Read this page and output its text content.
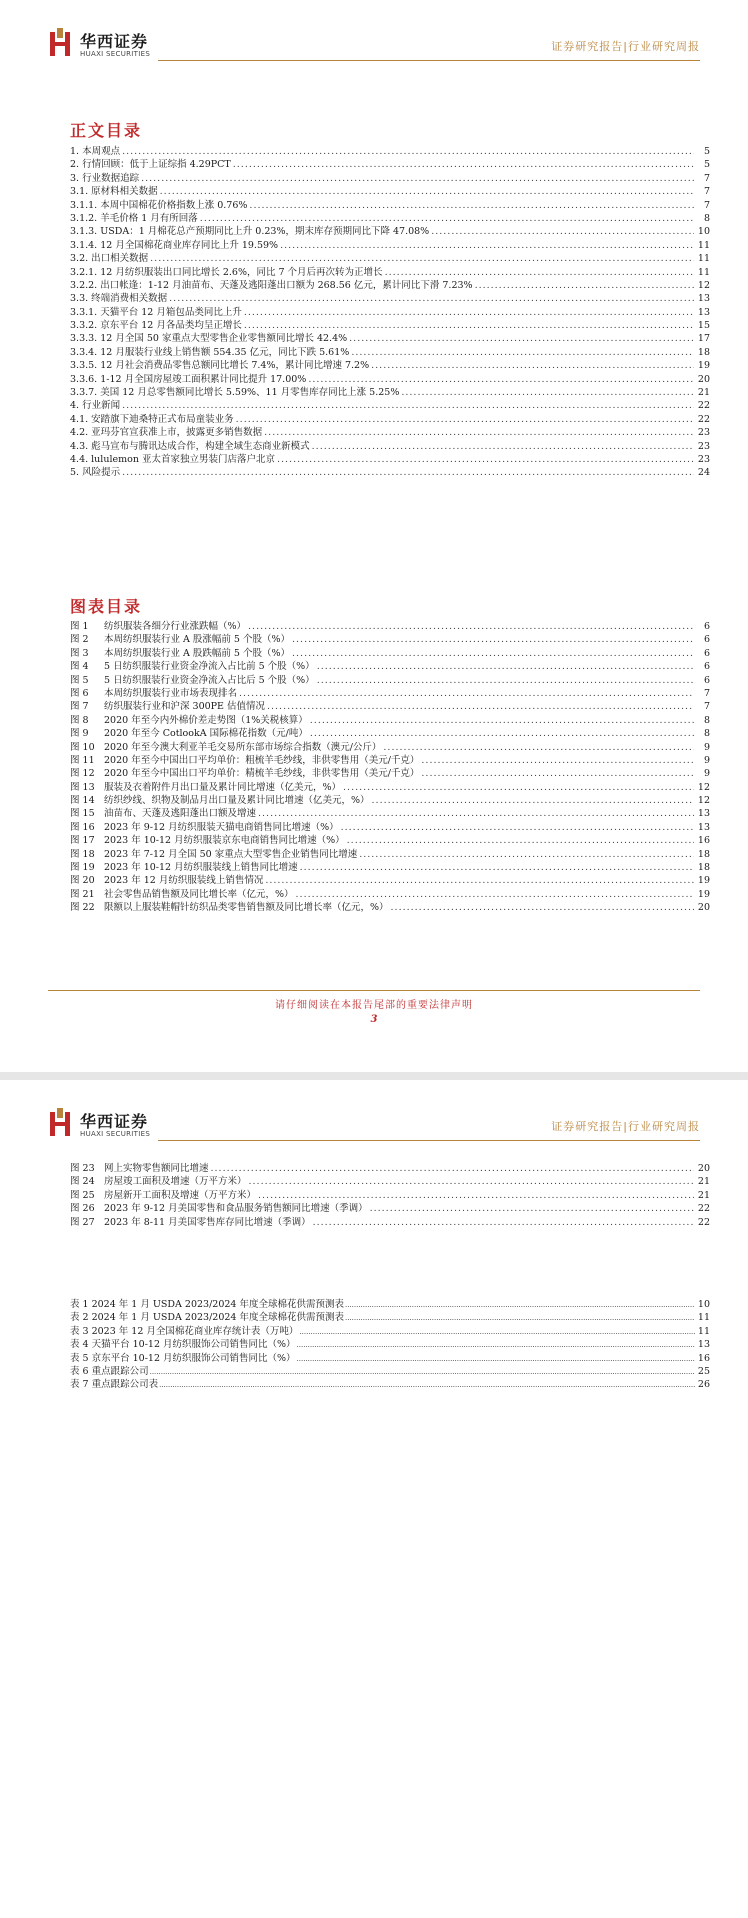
华西证券
HUAXI SECURITIES
证券研究报告|行业研究周报
正文目录
1. 本周观点 .....	5
2. 行情回顾：低于上证综指 4.29PCT .....	5
3. 行业数据追踪 .....	7
3.1. 原材料相关数据 .....	7
3.1.1. 本周中国棉花价格指数上涨 0.76% .....	7
3.1.2. 羊毛价格 1 月有所回落 .....	8
3.1.3. USDA：1 月棉花总产预期同比上升 0.23%，期末库存预期同比下降 47.08% .....	10
3.1.4. 12 月全国棉花商业库存同比上升 19.59% .....	11
3.2. 出口相关数据 .....	11
3.2.1. 12 月纺织服装出口同比增长 2.6%，同比 7 个月后再次转为正增长 .....	11
3.2.2. 出口帐逢：1-12 月油苗布、天蓬及逃阳蓬出口额为 268.56 亿元，累计同比下滑 7.23% .....	12
3.3. 终端消费相关数据 .....	13
3.3.1. 天猫平台 12 月箱包品类同比上升 .....	13
3.3.2. 京东平台 12 月各品类均呈正增长 .....	15
3.3.3. 12 月全国 50 家重点大型零售企业零售额同比增长 42.4% .....	17
3.3.4. 12 月服装行业线上销售额 554.35 亿元，同比下跌 5.61% .....	18
3.3.5. 12 月社会消费品零售总额同比增长 7.4%，累计同比增速 7.2% .....	19
3.3.6. 1-12 月全国房屋竣工面积累计同比提升 17.00% .....	20
3.3.7. 美国 12 月总零售额同比增长 5.59%、11 月零售库存同比上涨 5.25% .....	21
4. 行业新闻 .....	22
4.1. 安踏旗下迪桑特正式布局童装业务 .....	22
4.2. 亚玛芬官宣获准上市，披露更多销售数据 .....	23
4.3. 彪马宣布与腾讯达成合作，构建全域生态商业新模式 .....	23
4.4. lululemon 亚太首家独立男装门店落户北京 .....	23
5. 风险提示 .....	24
图表目录
图 1	纺织服装各细分行业涨跌幅（%） .....	6
图 2	本周纺织服装行业 A 股涨幅前 5 个股（%） .....	6
图 3	本周纺织服装行业 A 股跌幅前 5 个股（%） .....	6
图 4	5 日纺织服装行业资金净流入占比前 5 个股（%） .....	6
图 5	5 日纺织服装行业资金净流入占比后 5 个股（%） .....	6
图 6	本周纺织服装行业市场表现排名 .....	7
图 7	纺织服装行业和沪深 300PE 估值情况 .....	7
图 8	2020 年至今内外棉价差走势图（1%关税核算） .....	8
图 9	2020 年至今 CotlookA 国际棉花指数（元/吨） .....	8
图 10 2020 年至今澳大利亚羊毛交易所东部市场综合指数（澳元/公斤） .....	9
图 11 2020 年至今中国出口平均单价：粗梳羊毛纱线，非供零售用（美元/千克） .....	9
图 12 2020 年至今中国出口平均单价：精梳羊毛纱线，非供零售用（美元/千克） .....	9
图 13 服装及衣着附件月出口量及累计同比增速（亿美元，%） .....	12
图 14 纺织纱线、织物及制品月出口量及累计同比增速（亿美元，%） .....	12
图 15 油苗布、天蓬及逃阳蓬出口额及增速 .....	13
图 16 2023 年 9-12 月纺织服装天猫电商销售同比增速（%） .....	13
图 17 2023 年 10-12 月纺织服装京东电商销售同比增速（%） .....	16
图 18 2023 年 7-12 月全国 50 家重点大型零售企业销售同比增速 .....	18
图 19 2023 年 10-12 月纺织服装线上销售同比增速 .....	18
图 20 2023 年 12 月纺织服装线上销售情况 .....	19
图 21 社会零售品销售额及同比增长率（亿元，%） .....	19
图 22 限额以上服装鞋帽针纺织品类零售销售额及同比增长率（亿元，%） .....	20
请仔细阅读在本报告尾部的重要法律声明
3
华西证券
HUAXI SECURITIES
证券研究报告|行业研究周报
图 23 网上实物零售额同比增速 .....	20
图 24 房屋竣工面积及增速（万平方米） .....	21
图 25 房屋新开工面积及增速（万平方米） .....	21
图 26 2023 年 9-12 月美国零售和食品服务销售额同比增速（季调） .....	22
图 27 2023 年 8-11 月美国零售库存同比增速（季调） .....	22
表 1 2024 年 1 月 USDA 2023/2024 年度全球棉花供需预测表 .....	10
表 2 2024 年 1 月 USDA 2023/2024 年度全球棉花供需预测表 .....	11
表 3 2023 年 12 月全国棉花商业库存统计表（万吨） .....	11
表 4 天猫平台 10-12 月纺织服饰公司销售同比（%） .....	13
表 5 京东平台 10-12 月纺织服饰公司销售同比（%） .....	16
表 6 重点跟踪公司 .....	25
表 7 重点跟踪公司表 .....	26
